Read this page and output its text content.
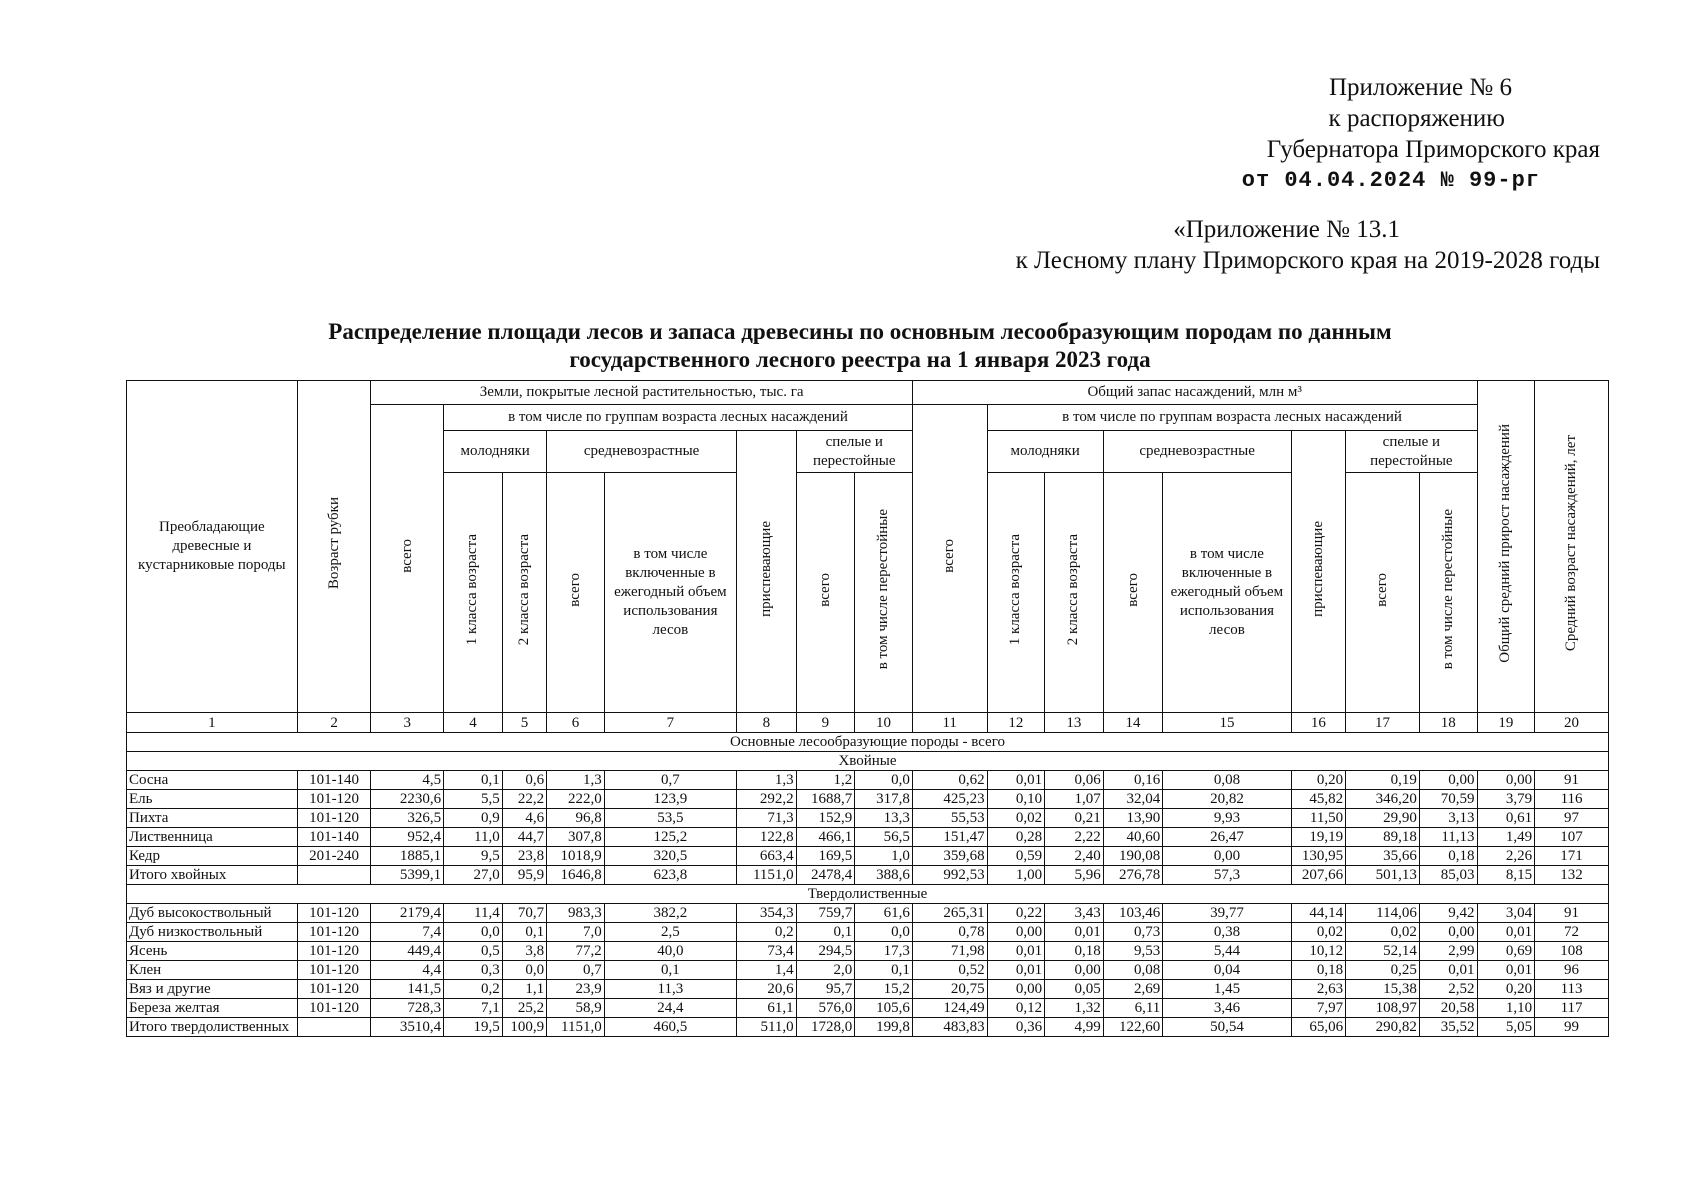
Приложение № 6
к распоряжению
Губернатора Приморского края
от 04.04.2024 № 99-рг
«Приложение № 13.1
к Лесному плану Приморского края на 2019-2028 годы
Распределение площади лесов и запаса древесины по основным лесообразующим породам по данным
государственного лесного реестра на 1 января 2023 года
Преобладающие древесные и кустарниковые породы	Возраст рубки	Земли, покрытые лесной растительностью, тыс. га								Общий запас насаждений, млн м³								Общий средний прирост насаждений	Средний возраст насаждений, лет
		всего	в том числе по группам возраста лесных насаждений							всего	в том числе по группам возраста лесных насаждений								
			молодняки		средневозрастные		приспевающие	спелые и перестойные			молодняки		средневозрастные		приспевающие	спелые и перестойные			
			1 класса возраста	2 класса возраста	всего	в том числе включенные в ежегодный объем использования лесов		всего	в том числе перестойные		1 класса возраста	2 класса возраста	всего	в том числе включенные в ежегодный объем использования лесов		всего	в том числе перестойные		
1	2	3	4	5	6	7	8	9	10	11	12	13	14	15	16	17	18	19	20
Основные лесообразующие породы - всего																			
Хвойные																			
Сосна	101-140	4,5	0,1	0,6	1,3	0,7	1,3	1,2	0,0	0,62	0,01	0,06	0,16	0,08	0,20	0,19	0,00	0,00	91
Ель	101-120	2230,6	5,5	22,2	222,0	123,9	292,2	1688,7	317,8	425,23	0,10	1,07	32,04	20,82	45,82	346,20	70,59	3,79	116
Пихта	101-120	326,5	0,9	4,6	96,8	53,5	71,3	152,9	13,3	55,53	0,02	0,21	13,90	9,93	11,50	29,90	3,13	0,61	97
Лиственница	101-140	952,4	11,0	44,7	307,8	125,2	122,8	466,1	56,5	151,47	0,28	2,22	40,60	26,47	19,19	89,18	11,13	1,49	107
Кедр	201-240	1885,1	9,5	23,8	1018,9	320,5	663,4	169,5	1,0	359,68	0,59	2,40	190,08	0,00	130,95	35,66	0,18	2,26	171
Итого хвойных		5399,1	27,0	95,9	1646,8	623,8	1151,0	2478,4	388,6	992,53	1,00	5,96	276,78	57,3	207,66	501,13	85,03	8,15	132
Твердолиственные																			
Дуб высокоствольный	101-120	2179,4	11,4	70,7	983,3	382,2	354,3	759,7	61,6	265,31	0,22	3,43	103,46	39,77	44,14	114,06	9,42	3,04	91
Дуб низкоствольный	101-120	7,4	0,0	0,1	7,0	2,5	0,2	0,1	0,0	0,78	0,00	0,01	0,73	0,38	0,02	0,02	0,00	0,01	72
Ясень	101-120	449,4	0,5	3,8	77,2	40,0	73,4	294,5	17,3	71,98	0,01	0,18	9,53	5,44	10,12	52,14	2,99	0,69	108
Клен	101-120	4,4	0,3	0,0	0,7	0,1	1,4	2,0	0,1	0,52	0,01	0,00	0,08	0,04	0,18	0,25	0,01	0,01	96
Вяз и другие	101-120	141,5	0,2	1,1	23,9	11,3	20,6	95,7	15,2	20,75	0,00	0,05	2,69	1,45	2,63	15,38	2,52	0,20	113
Береза желтая	101-120	728,3	7,1	25,2	58,9	24,4	61,1	576,0	105,6	124,49	0,12	1,32	6,11	3,46	7,97	108,97	20,58	1,10	117
Итого твердолиственных		3510,4	19,5	100,9	1151,0	460,5	511,0	1728,0	199,8	483,83	0,36	4,99	122,60	50,54	65,06	290,82	35,52	5,05	99
